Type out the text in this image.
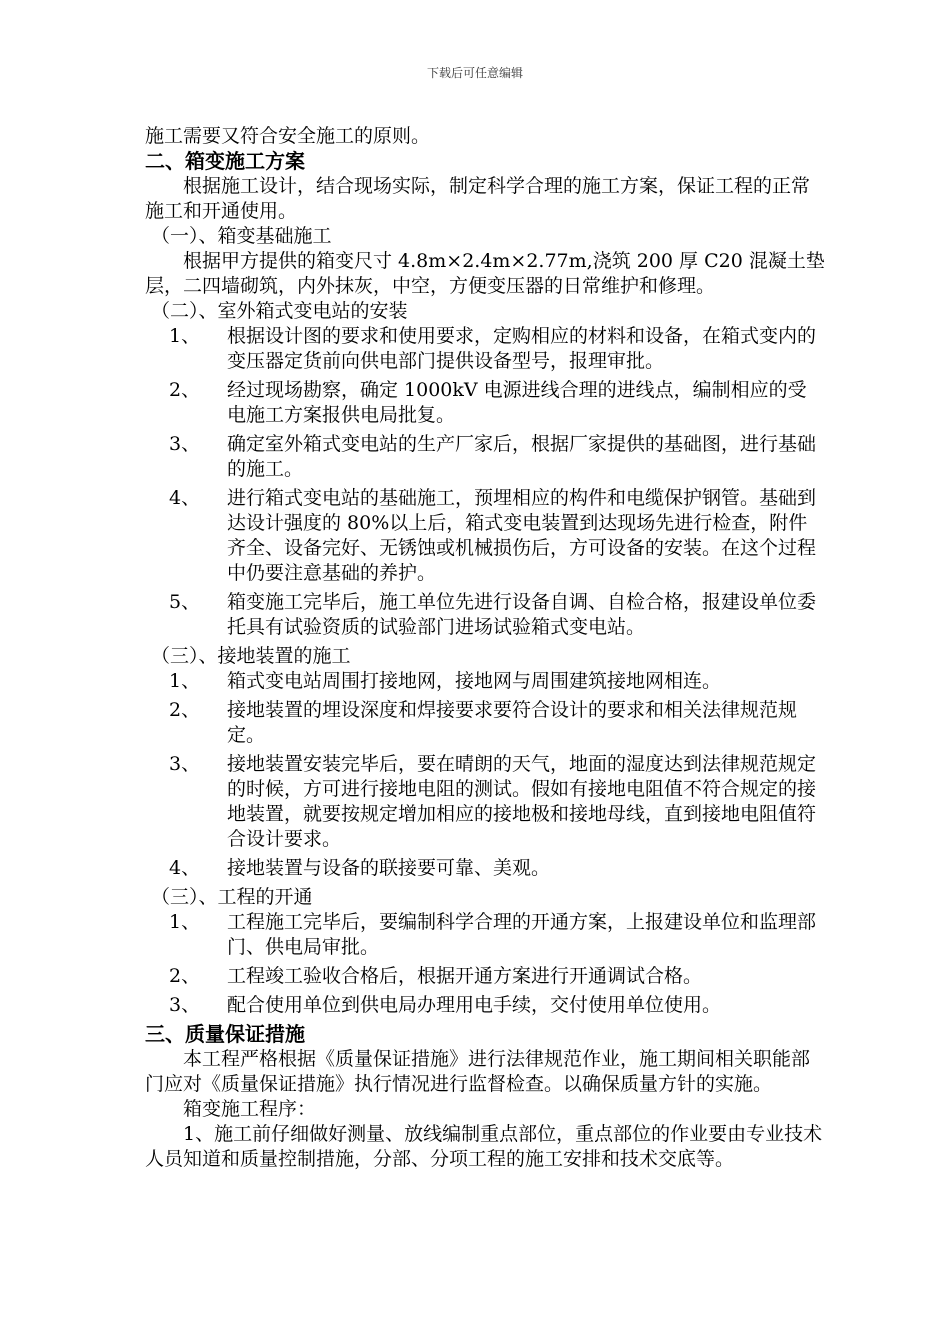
下载后可任意编辑

施工需要又符合安全施工的原则。

二、箱变施工方案

根据施工设计，结合现场实际，制定科学合理的施工方案，保证工程的正常施工和开通使用。

（一）、箱变基础施工

根据甲方提供的箱变尺寸 4.8m×2.4m×2.77m,浇筑 200 厚 C20 混凝土垫层，二四墙砌筑，内外抹灰，中空，方便变压器的日常维护和修理。

（二）、室外箱式变电站的安装

1、	根据设计图的要求和使用要求，定购相应的材料和设备，在箱式变内的变压器定货前向供电部门提供设备型号，报理审批。
2、	经过现场勘察，确定 1000kV 电源进线合理的进线点，编制相应的受电施工方案报供电局批复。
3、	确定室外箱式变电站的生产厂家后，根据厂家提供的基础图，进行基础的施工。
4、	进行箱式变电站的基础施工，预埋相应的构件和电缆保护钢管。基础到达设计强度的 80%以上后，箱式变电装置到达现场先进行检查，附件齐全、设备完好、无锈蚀或机械损伤后，方可设备的安装。在这个过程中仍要注意基础的养护。
5、	箱变施工完毕后，施工单位先进行设备自调、自检合格，报建设单位委托具有试验资质的试验部门进场试验箱式变电站。

（三）、接地装置的施工

1、	箱式变电站周围打接地网，接地网与周围建筑接地网相连。
2、	接地装置的埋设深度和焊接要求要符合设计的要求和相关法律规范规定。
3、	接地装置安装完毕后，要在晴朗的天气，地面的湿度达到法律规范规定的时候，方可进行接地电阻的测试。假如有接地电阻值不符合规定的接地装置，就要按规定增加相应的接地极和接地母线，直到接地电阻值符合设计要求。
4、	接地装置与设备的联接要可靠、美观。

（三）、工程的开通

1、	工程施工完毕后，要编制科学合理的开通方案，上报建设单位和监理部门、供电局审批。
2、	工程竣工验收合格后，根据开通方案进行开通调试合格。
3、	配合使用单位到供电局办理用电手续，交付使用单位使用。
三、质量保证措施

本工程严格根据《质量保证措施》进行法律规范作业，施工期间相关职能部门应对《质量保证措施》执行情况进行监督检查。以确保质量方针的实施。

箱变施工程序：

1、施工前仔细做好测量、放线编制重点部位，重点部位的作业要由专业技术人员知道和质量控制措施，分部、分项工程的施工安排和技术交底等。
